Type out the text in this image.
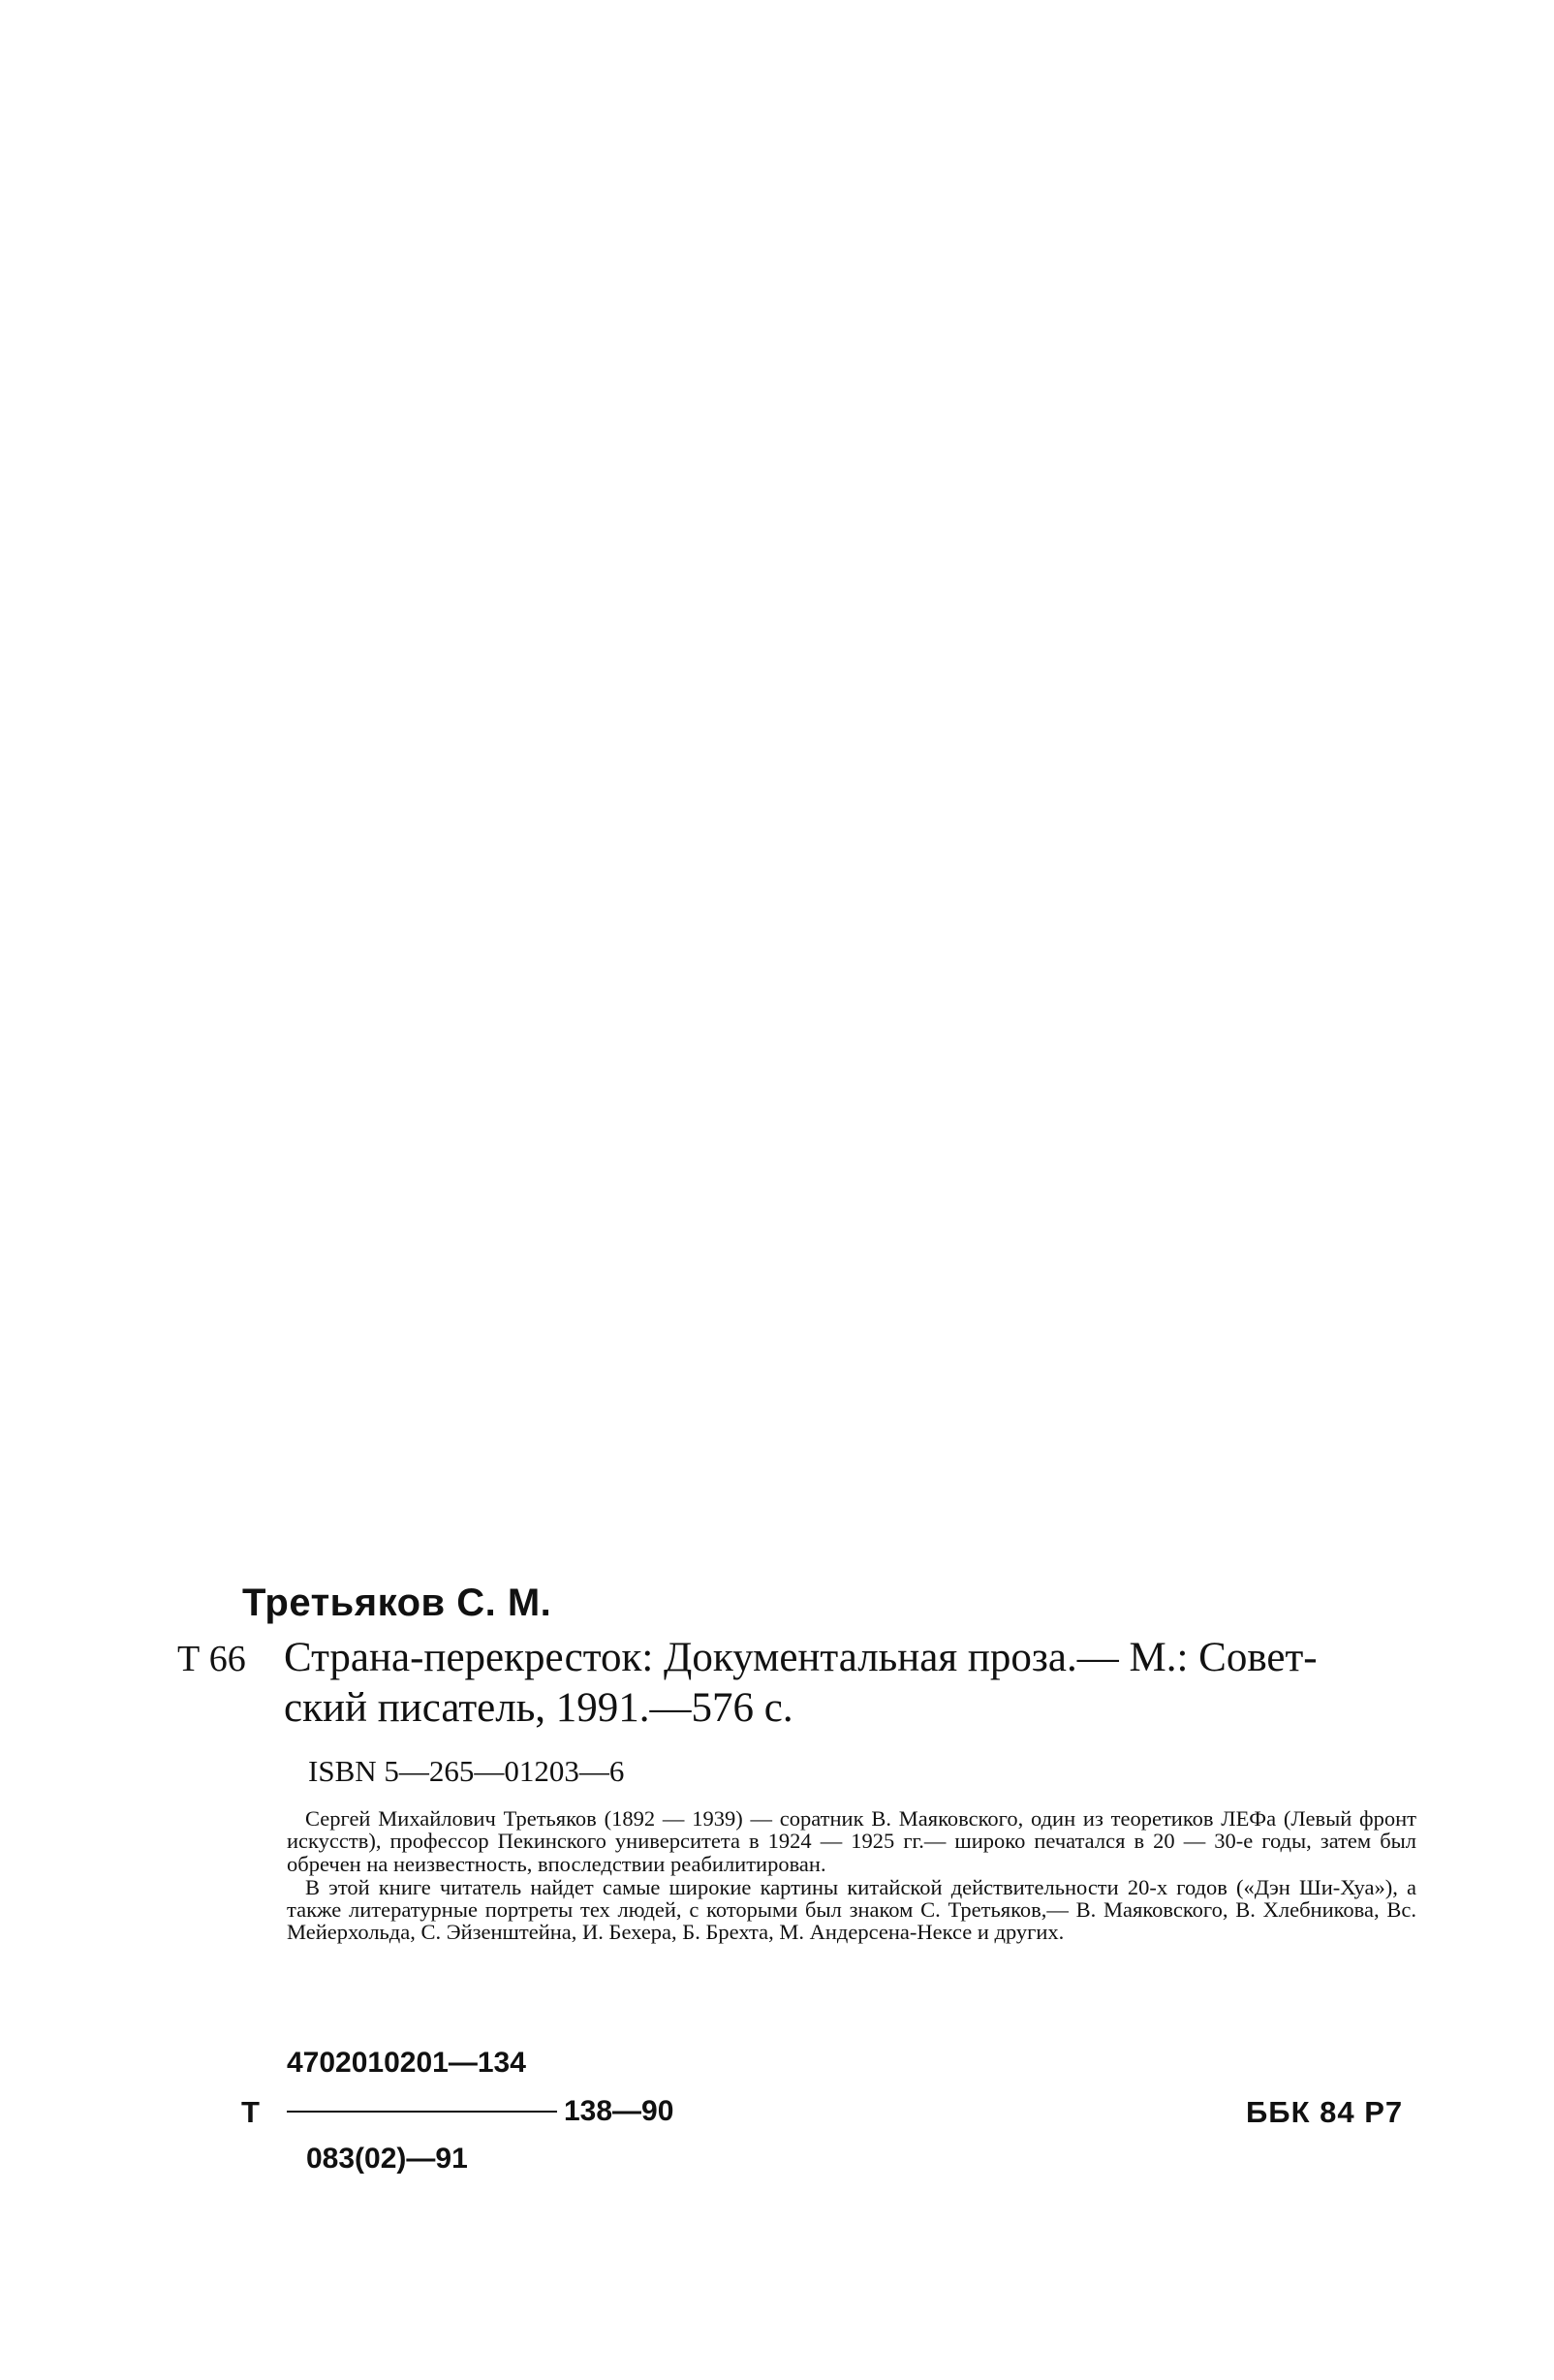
Третьяков С. М.
Т 66 Страна-перекресток: Документальная проза.— М.: Совет-
ский писатель, 1991.—576 с.
ISBN 5—265—01203—6

Сергей Михайлович Третьяков (1892 — 1939) — соратник В. Маяковского, один из теоретиков ЛЕФа (Левый фронт искусств), профессор Пекинского университета в 1924 — 1925 гг.— широко печатался в 20 — 30-е годы, затем был обречен на неизвестность, впоследствии реабилитирован.

В этой книге читатель найдет самые широкие картины китайской действительности 20-х годов («Дэн Ши-Хуа»), а также литературные портреты тех людей, с которыми был знаком С. Третьяков,— В. Маяковского, В. Хлебникова, Вс. Мейерхольда, С. Эйзенштейна, И. Бехера, Б. Брехта, М. Андерсена-Нексе и других.

4702010201—134
Т	138—90
083(02)—91
ББК 84 Р7
